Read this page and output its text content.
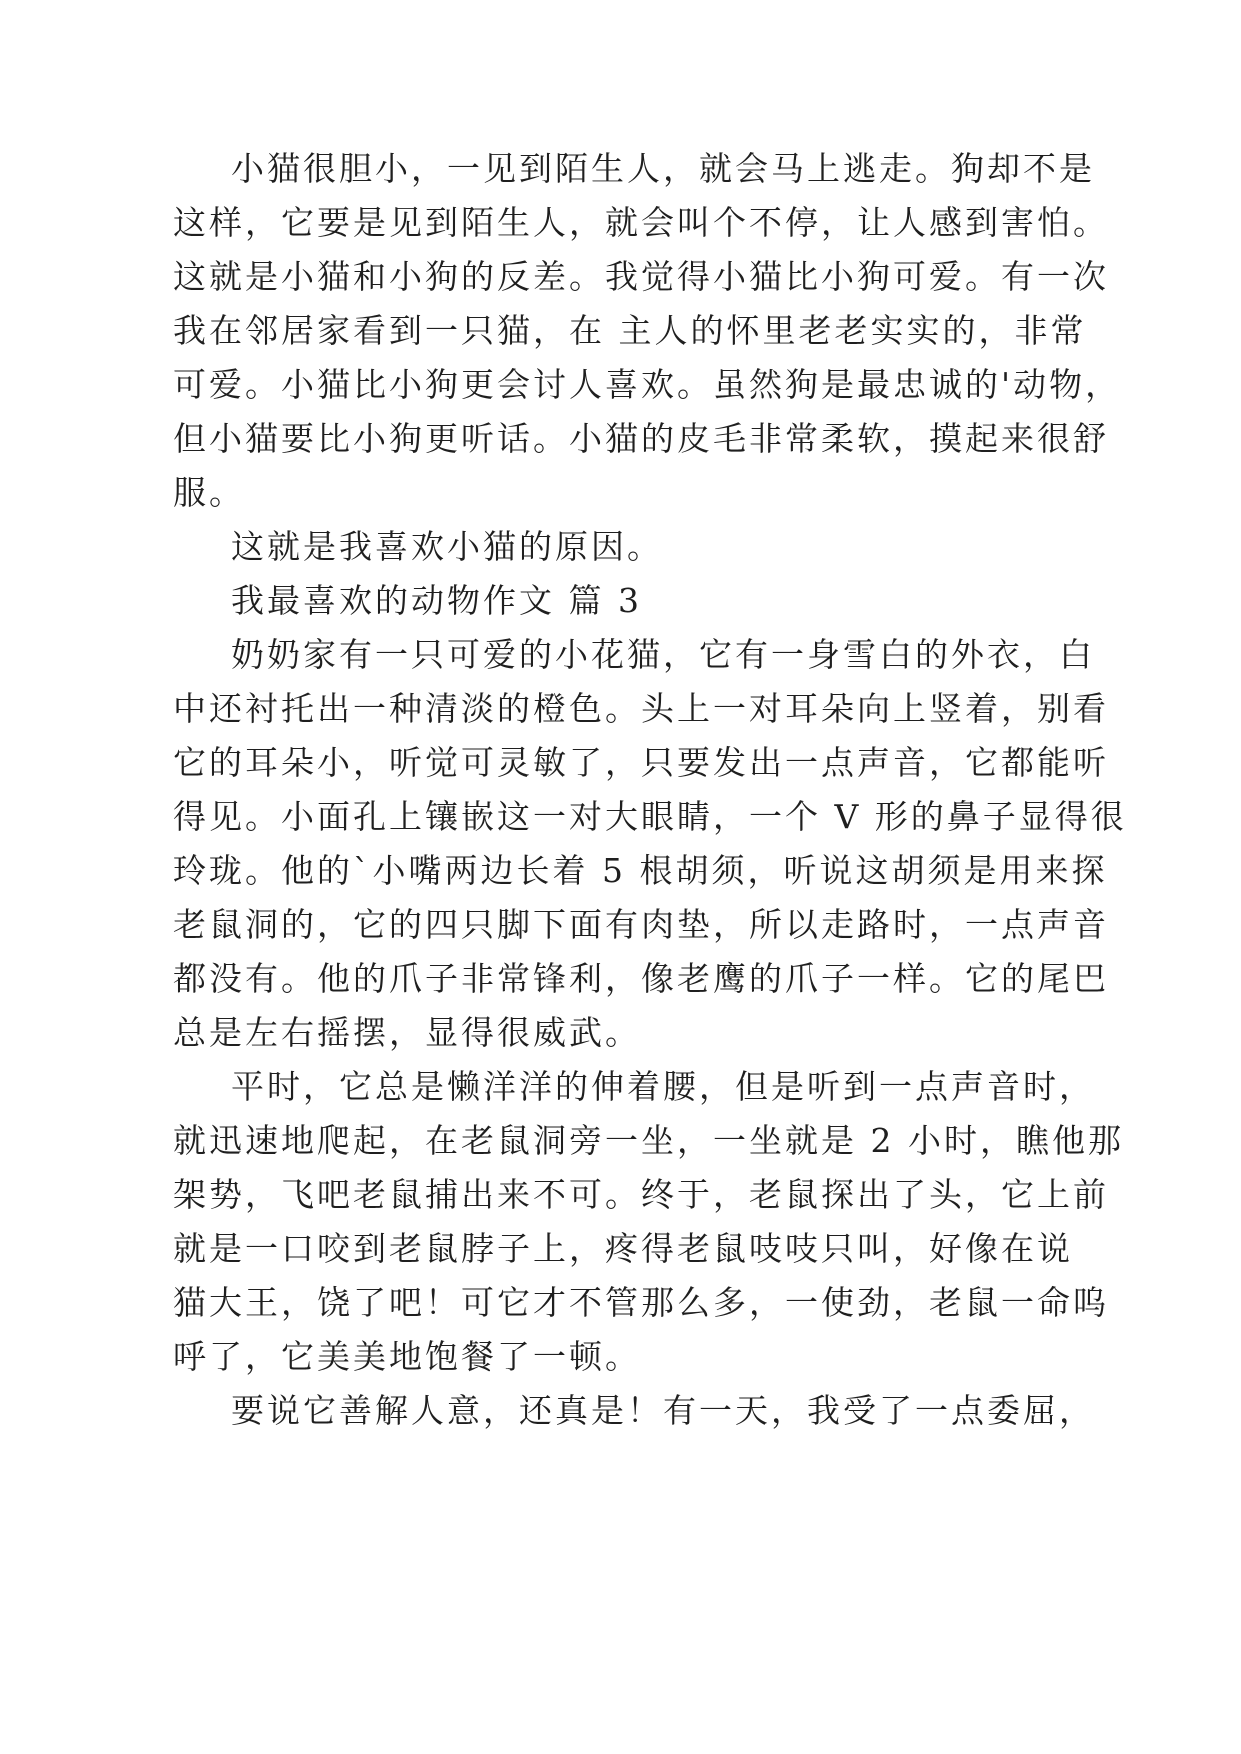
小猫很胆小，一见到陌生人，就会马上逃走。狗却不是
这样，它要是见到陌生人，就会叫个不停，让人感到害怕。
这就是小猫和小狗的反差。我觉得小猫比小狗可爱。有一次
我在邻居家看到一只猫，在 主人的怀里老老实实的，非常
可爱。小猫比小狗更会讨人喜欢。虽然狗是最忠诚的'动物，
但小猫要比小狗更听话。小猫的皮毛非常柔软，摸起来很舒
服。
这就是我喜欢小猫的原因。
我最喜欢的动物作文 篇 3
奶奶家有一只可爱的小花猫，它有一身雪白的外衣，白
中还衬托出一种清淡的橙色。头上一对耳朵向上竖着，别看
它的耳朵小，听觉可灵敏了，只要发出一点声音，它都能听
得见。小面孔上镶嵌这一对大眼睛，一个 V 形的鼻子显得很
玲珑。他的`小嘴两边长着 5 根胡须，听说这胡须是用来探
老鼠洞的，它的四只脚下面有肉垫，所以走路时，一点声音
都没有。他的爪子非常锋利，像老鹰的爪子一样。它的尾巴
总是左右摇摆，显得很威武。
平时，它总是懒洋洋的伸着腰，但是听到一点声音时，
就迅速地爬起，在老鼠洞旁一坐，一坐就是 2 小时，瞧他那
架势，飞吧老鼠捕出来不可。终于，老鼠探出了头，它上前
就是一口咬到老鼠脖子上，疼得老鼠吱吱只叫，好像在说
猫大王，饶了吧！可它才不管那么多，一使劲，老鼠一命呜
呼了，它美美地饱餐了一顿。
要说它善解人意，还真是！有一天，我受了一点委屈，
